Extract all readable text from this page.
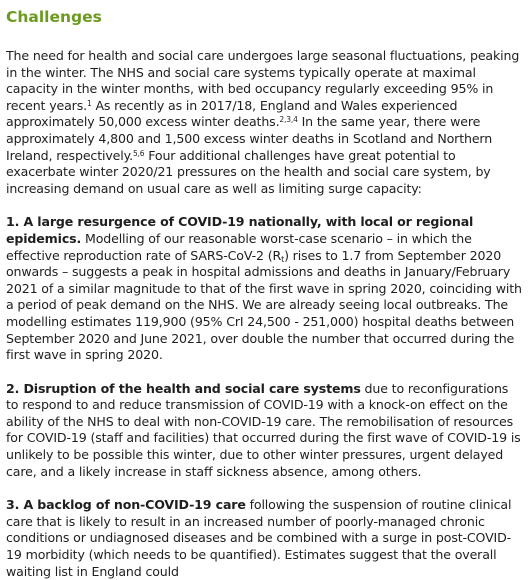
Challenges

The need for health and social care undergoes large seasonal fluctuations, peaking in the winter. The NHS and social care systems typically operate at maximal capacity in the winter months, with bed occupancy regularly exceeding 95% in recent years.$^1$ As recently as in 2017/18, England and Wales experienced approximately 50,000 excess winter deaths.$^{2,3,4}$ In the same year, there were approximately 4,800 and 1,500 excess winter deaths in Scotland and Northern Ireland, respectively.$^{5,6}$ Four additional challenges have great potential to exacerbate winter 2020/21 pressures on the health and social care system, by increasing demand on usual care as well as limiting surge capacity:

1. A large resurgence of COVID-19 nationally, with local or regional epidemics. Modelling of our reasonable worst-case scenario – in which the effective reproduction rate of SARS-CoV-2 $(R_t)$ rises to 1.7 from September 2020 onwards – suggests a peak in hospital admissions and deaths in January/February 2021 of a similar magnitude to that of the first wave in spring 2020, coinciding with a period of peak demand on the NHS. We are already seeing local outbreaks. The modelling estimates 119,900 (95% CrI 24,500 - 251,000) hospital deaths between September 2020 and June 2021, over double the number that occurred during the first wave in spring 2020.

2. Disruption of the health and social care systems due to reconfigurations to respond to and reduce transmission of COVID-19 with a knock-on effect on the ability of the NHS to deal with non-COVID-19 care. The remobilisation of resources for COVID-19 (staff and facilities) that occurred during the first wave of COVID-19 is unlikely to be possible this winter, due to other winter pressures, urgent delayed care, and a likely increase in staff sickness absence, among others.

3. A backlog of non-COVID-19 care following the suspension of routine clinical care that is likely to result in an increased number of poorly-managed chronic conditions or undiagnosed diseases and be combined with a surge in post-COVID-19 morbidity (which needs to be quantified). Estimates suggest that the overall waiting list in England could
